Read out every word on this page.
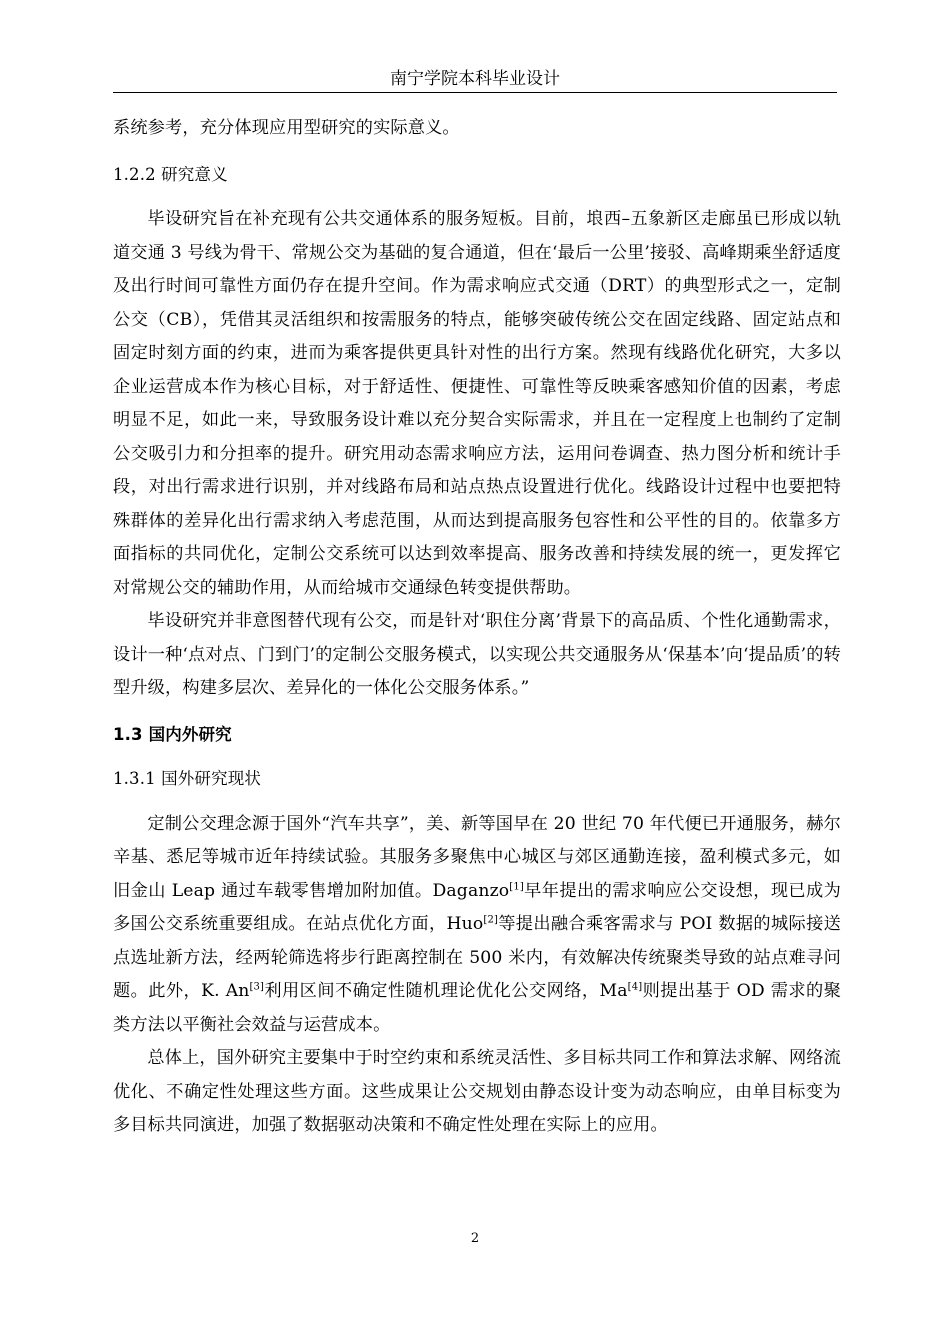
南宁学院本科毕业设计

系统参考，充分体现应用型研究的实际意义。

1.2.2 研究意义

毕设研究旨在补充现有公共交通体系的服务短板。目前，埌西–五象新区走廊虽已形成以轨道交通 3 号线为骨干、常规公交为基础的复合通道，但在‘最后一公里’接驳、高峰期乘坐舒适度及出行时间可靠性方面仍存在提升空间。作为需求响应式交通（DRT）的典型形式之一，定制公交（CB），凭借其灵活组织和按需服务的特点，能够突破传统公交在固定线路、固定站点和固定时刻方面的约束，进而为乘客提供更具针对性的出行方案。然现有线路优化研究，大多以企业运营成本作为核心目标，对于舒适性、便捷性、可靠性等反映乘客感知价值的因素，考虑明显不足，如此一来，导致服务设计难以充分契合实际需求，并且在一定程度上也制约了定制公交吸引力和分担率的提升。研究用动态需求响应方法，运用问卷调查、热力图分析和统计手段，对出行需求进行识别，并对线路布局和站点热点设置进行优化。线路设计过程中也要把特殊群体的差异化出行需求纳入考虑范围，从而达到提高服务包容性和公平性的目的。依靠多方面指标的共同优化，定制公交系统可以达到效率提高、服务改善和持续发展的统一，更发挥它对常规公交的辅助作用，从而给城市交通绿色转变提供帮助。

毕设研究并非意图替代现有公交，而是针对‘职住分离’背景下的高品质、个性化通勤需求，设计一种‘点对点、门到门’的定制公交服务模式，以实现公共交通服务从‘保基本’向‘提品质’的转型升级，构建多层次、差异化的一体化公交服务体系。”

1.3 国内外研究

1.3.1 国外研究现状

定制公交理念源于国外“汽车共享”，美、新等国早在 20 世纪 70 年代便已开通服务，赫尔辛基、悉尼等城市近年持续试验。其服务多聚焦中心城区与郊区通勤连接，盈利模式多元，如旧金山 Leap 通过车载零售增加附加值。Daganzo[1]早年提出的需求响应公交设想，现已成为多国公交系统重要组成。在站点优化方面，Huo[2]等提出融合乘客需求与 POI 数据的城际接送点选址新方法，经两轮筛选将步行距离控制在 500 米内，有效解决传统聚类导致的站点难寻问题。此外，K. An[3]利用区间不确定性随机理论优化公交网络，Ma[4]则提出基于 OD 需求的聚类方法以平衡社会效益与运营成本。

总体上，国外研究主要集中于时空约束和系统灵活性、多目标共同工作和算法求解、网络流优化、不确定性处理这些方面。这些成果让公交规划由静态设计变为动态响应，由单目标变为多目标共同演进，加强了数据驱动决策和不确定性处理在实际上的应用。

2
